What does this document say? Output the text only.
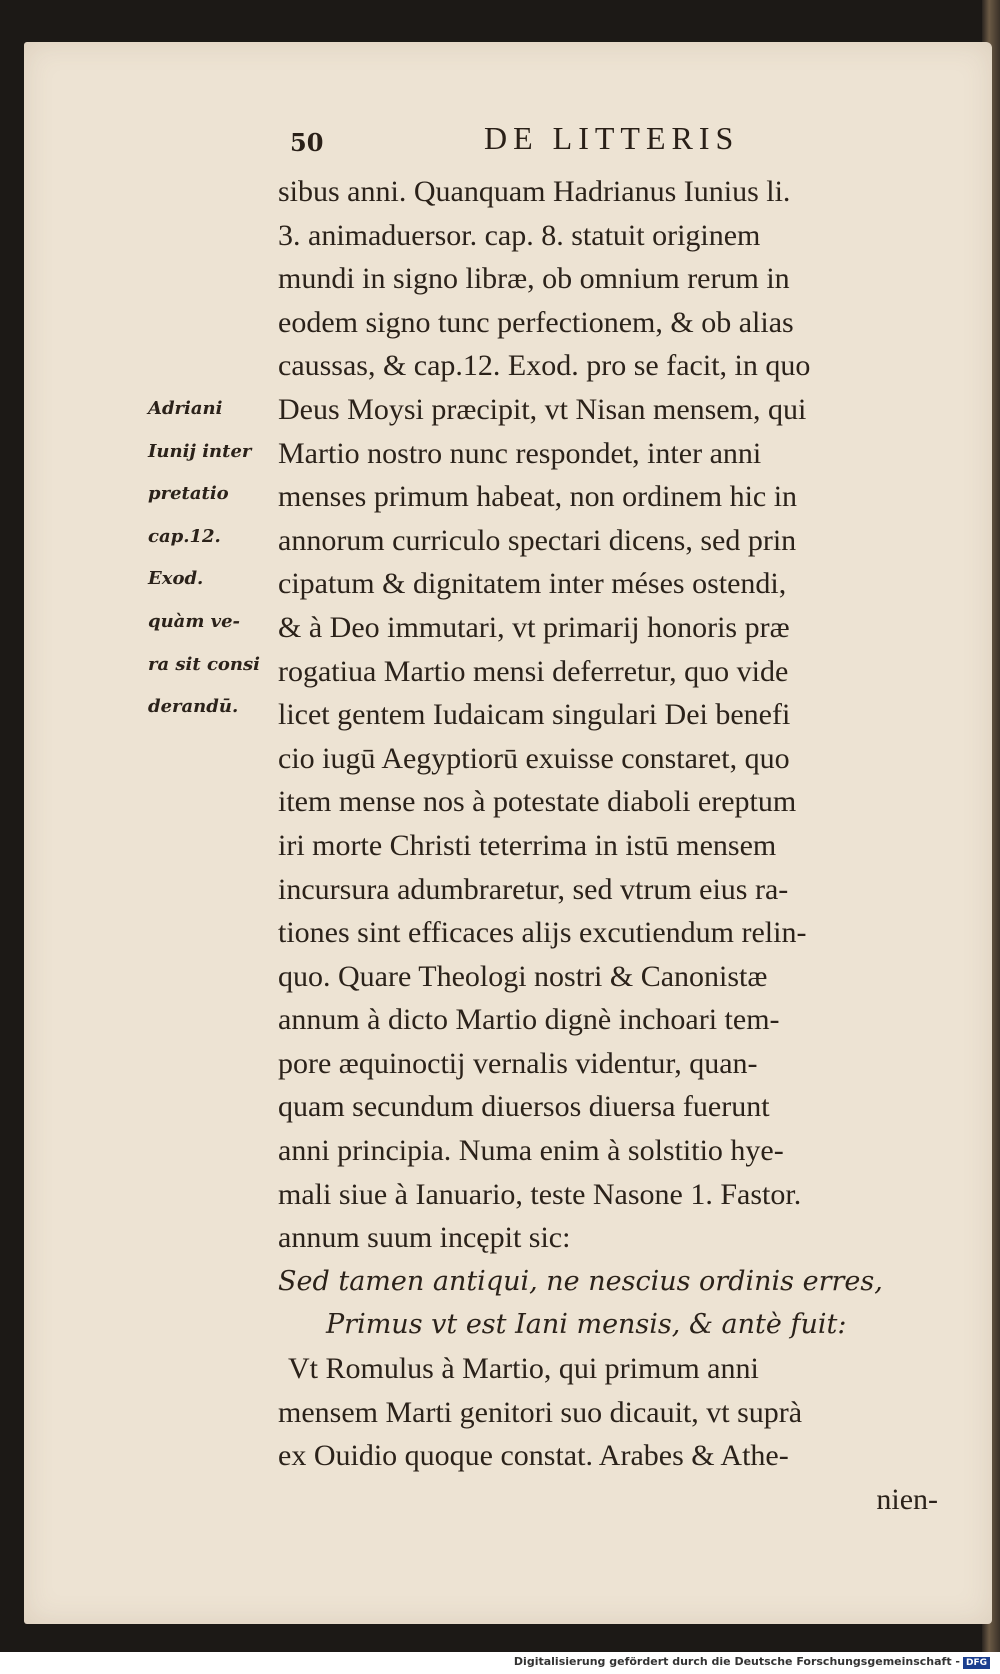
50	DE LITTERIS
Adriani
Iunij inter
pretatio
cap.12.
Exod.
quàm ve-
ra sit consi
derandū.
sibus anni. Quanquam Hadrianus Iunius li.
3. animaduersor. cap. 8. statuit originem
mundi in signo libræ, ob omnium rerum in
eodem signo tunc perfectionem, & ob alias
caussas, & cap.12. Exod. pro se facit, in quo
Deus Moysi præcipit, vt Nisan mensem, qui
Martio nostro nunc respondet, inter anni
menses primum habeat, non ordinem hic in
annorum curriculo spectari dicens, sed prin
cipatum & dignitatem inter méses ostendi,
& à Deo immutari, vt primarij honoris præ
rogatiua Martio mensi deferretur, quo vide
licet gentem Iudaicam singulari Dei benefi
cio iugū Aegyptiorū exuisse constaret, quo
item mense nos à potestate diaboli ereptum
iri morte Christi teterrima in istū mensem
incursura adumbraretur, sed vtrum eius ra-
tiones sint efficaces alijs excutiendum relin-
quo. Quare Theologi nostri & Canonistæ
annum à dicto Martio dignè inchoari tem-
pore æquinoctij vernalis videntur, quan-
quam secundum diuersos diuersa fuerunt
anni principia. Numa enim à solstitio hye-
mali siue à Ianuario, teste Nasone 1. Fastor.
annum suum incępit sic:
Sed tamen antiqui, ne nescius ordinis erres,
Primus vt est Iani mensis, & antè fuit:
Vt Romulus à Martio, qui primum anni
mensem Marti genitori suo dicauit, vt suprà
ex Ouidio quoque constat. Arabes & Athe-
nien-
Digitalisierung gefördert durch die Deutsche Forschungsgemeinschaft - DFG
